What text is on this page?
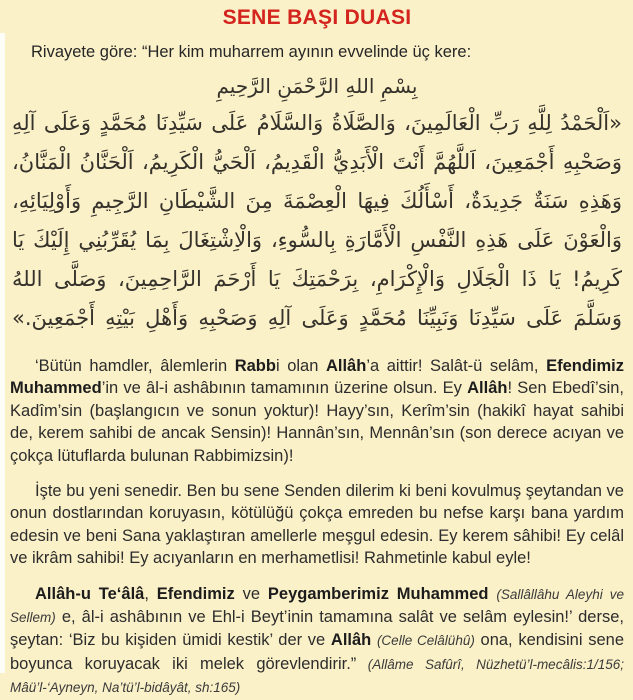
SENE BAŞI DUASI
Rivayete göre: “Her kim muharrem ayının evvelinde üç kere:
بِسْمِ اللهِ الرَّحْمَنِ الرَّحِيمِ
«اَلْحَمْدُ لِلَّهِ رَبِّ الْعَالَمِينَ، وَالصَّلَاةُ وَالسَّلَامُ عَلَى سَيِّدِنَا مُحَمَّدٍ وَعَلَى آلِهِ
وَصَحْبِهِ أَجْمَعِينَ، اَللَّهُمَّ أَنْتَ الْأَبَدِيُّ الْقَدِيمُ، اَلْحَيُّ الْكَرِيمُ، اَلْحَنَّانُ الْمَنَّانُ،
وَهَذِهِ سَنَةٌ جَدِيدَةٌ، أَسْأَلُكَ فِيهَا الْعِصْمَةَ مِنَ الشَّيْطَانِ الرَّجِيمِ وَأَوْلِيَائِهِ،
وَالْعَوْنَ عَلَى هَذِهِ النَّفْسِ الْأَمَّارَةِ بِالسُّوءِ، وَالْاِشْتِغَالَ بِمَا يُقَرِّبُنِي إِلَيْكَ يَا
كَرِيمُ! يَا ذَا الْجَلَالِ وَالْإِكْرَامِ، بِرَحْمَتِكَ يَا أَرْحَمَ الرَّاحِمِينَ، وَصَلَّى اللهُ
وَسَلَّمَ عَلَى سَيِّدِنَا وَنَبِيِّنَا مُحَمَّدٍ وَعَلَى آلِهِ وَصَحْبِهِ وَأَهْلِ بَيْتِهِ أَجْمَعِينَ.»

‘Bütün hamdler, âlemlerin Rabbi olan Allâh’a aittir! Salât-ü selâm, Efendimiz Muhammed’in ve âl-i ashâbının tamamının üzerine olsun. Ey Allâh! Sen Ebedî’sin, Kadîm’sin (başlangıcın ve sonun yoktur)! Hayy’sın, Kerîm’sin (hakikî hayat sahibi de, kerem sahibi de ancak Sensin)! Hannân’sın, Mennân’sın (son derece acıyan ve çokça lütuflarda bulunan Rabbimizsin)!

İşte bu yeni senedir. Ben bu sene Senden dilerim ki beni kovulmuş şeytandan ve onun dostlarından koruyasın, kötülüğü çokça emreden bu nefse karşı bana yardım edesin ve beni Sana yaklaştıran amellerle meşgul edesin. Ey kerem sâhibi! Ey celâl ve ikrâm sahibi! Ey acıyanların en merhametlisi! Rahmetinle kabul eyle!

Allâh-u Te‘âlâ, Efendimiz ve Peygamberimiz Muhammed (Sallâllâhu Aleyhi ve Sellem) e, âl-i ashâbının ve Ehl-i Beyt’inin tamamına salât ve selâm eylesin!’ derse, şeytan: ‘Biz bu kişiden ümidi kestik’ der ve Allâh (Celle Celâlühû) ona, kendisini sene boyunca koruyacak iki melek görevlendirir.” (Allâme Safûrî, Nüzhetü’l-mecâlis:1/156; Mâü’l-‘Ayneyn, Na’tü’l-bidâyât, sh:165)
